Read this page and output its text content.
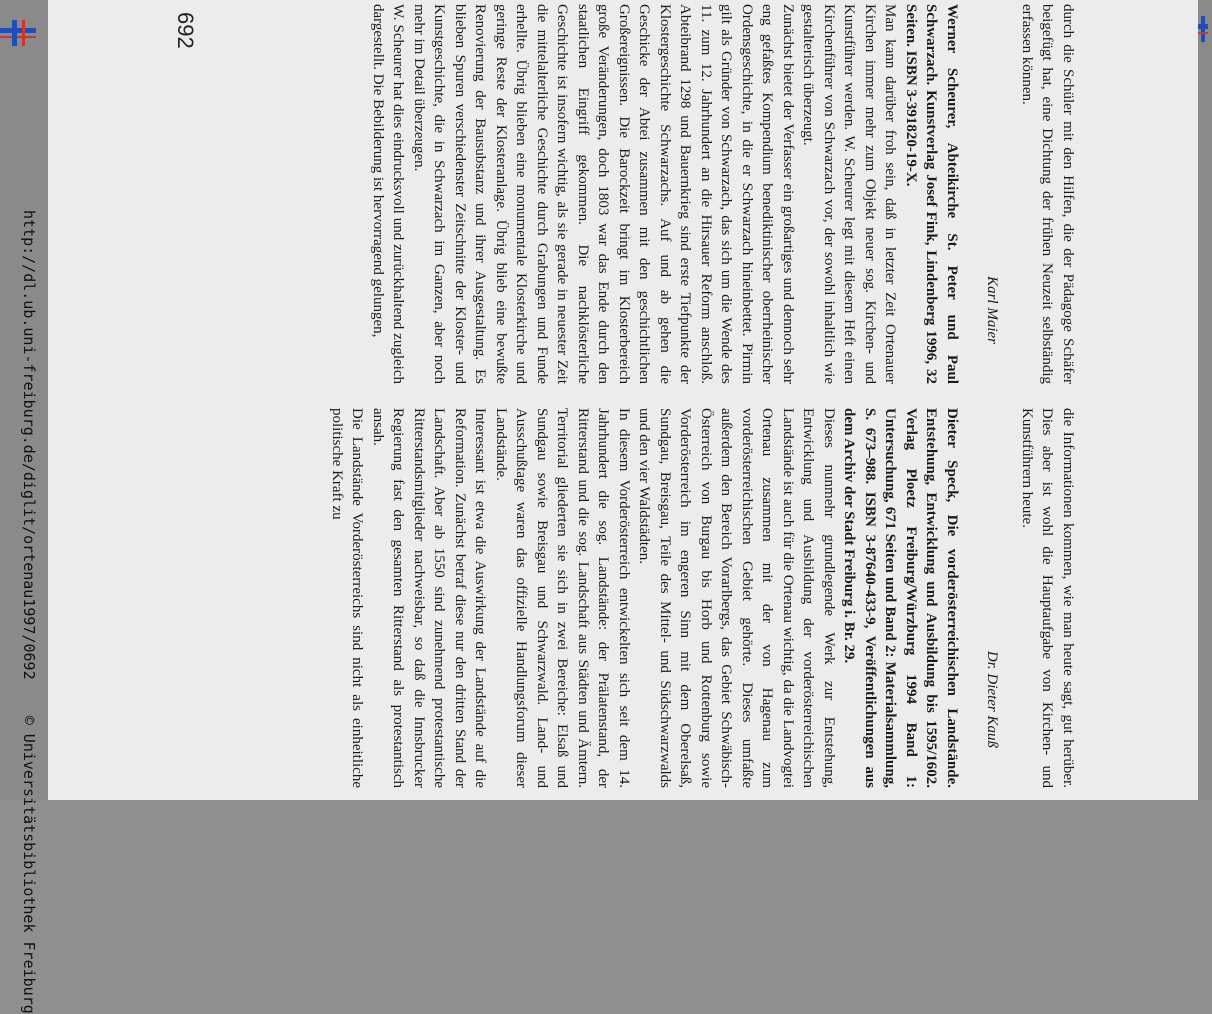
http://dl.ub.uni-freiburg.de/diglit/ortenau1997/0692    © Universitätsbibliothek Freiburg

durch die Schüler mit den Hilfen, die der Pädagoge Schäfer beigefügt hat, eine Dichtung der frühen Neuzeit selbständig erfassen können.

Karl Maier

Werner Scheurer, Abteikirche St. Peter und Paul Schwarzach. Kunstverlag Josef Fink, Lindenberg 1996, 32 Seiten. ISBN 3-391820-19-X.

Man kann darüber froh sein, daß in letzter Zeit Ortenauer Kirchen immer mehr zum Objekt neuer sog. Kirchen- und Kunstführer werden. W. Scheurer legt mit diesem Heft einen Kirchenführer von Schwarzach vor, der sowohl inhaltlich wie gestalterisch überzeugt.

Zunächst bietet der Verfasser ein großartiges und dennoch sehr eng gefaßtes Kompendium benediktinischer oberrheinischer Ordensgeschichte, in die er Schwarzach hineinbettet. Pirmin gilt als Gründer von Schwarzach, das sich um die Wende des 11. zum 12. Jahrhundert an die Hirsauer Reform anschloß. Abteibrand 1298 und Bauernkrieg sind erste Tiefpunkte der Klostergeschichte Schwarzachs. Auf und ab gehen die Geschicke der Abtei zusammen mit den geschichtlichen Großereignissen. Die Barockzeit bringt im Klosterbereich große Veränderungen, doch 1803 war das Ende durch den staatlichen Eingriff gekommen. Die nachklösterliche Geschichte ist insofern wichtig, als sie gerade in neuester Zeit die mittelalterliche Geschichte durch Grabungen und Funde erhellte. Übrig blieben eine monumentale Klosterkirche und geringe Reste der Klosteranlage. Übrig blieb eine bewußte Renovierung der Bausubstanz und ihrer Ausgestaltung. Es blieben Spuren verschiedenster Zeitschnitte der Kloster- und Kunstgeschichte, die in Schwarzach im Ganzen, aber noch mehr im Detail überzeugen.

W. Scheurer hat dies eindrucksvoll und zurückhaltend zugleich dargestellt. Die Bebilderung ist hervorragend gelungen,

die Informationen kommen, wie man heute sagt, gut herüber. Dies aber ist wohl die Hauptaufgabe von Kirchen- und Kunstführern heute.

Dr. Dieter Kauß

Dieter Speck, Die vorderösterreichischen Landstände. Entstehung, Entwicklung und Ausbildung bis 1595/1602. Verlag Ploetz Freiburg/Würzburg 1994 Band 1: Untersuchung, 671 Seiten und Band 2: Materialsammlung, S. 673–988. ISBN 3-87640-433-9, Veröffentlichungen aus dem Archiv der Stadt Freiburg i. Br. 29.

Dieses nunmehr grundlegende Werk zur Entstehung, Entwicklung und Ausbildung der vorderösterreichischen Landstände ist auch für die Ortenau wichtig, da die Landvogtei Ortenau zusammen mit der von Hagenau zum vorderösterreichischen Gebiet gehörte. Dieses umfaßte außerdem den Bereich Vorarlbergs, das Gebiet Schwäbisch-Österreich von Burgau bis Horb und Rottenburg sowie Vorderösterreich im engeren Sinn mit dem Oberelsaß, Sundgau, Breisgau, Teile des Mittel- und Südschwarzwalds und den vier Waldstädten.

In diesem Vorderösterreich entwickelten sich seit dem 14. Jahrhundert die sog. Landstände: der Prälatenstand, der Ritterstand und die sog. Landschaft aus Städten und Ämtern. Territorial gliederten sie sich in zwei Bereiche: Elsaß und Sundgau sowie Breisgau und Schwarzwald. Land- und Ausschußtage waren das offizielle Handlungsforum dieser Landstände.

Interessant ist etwa die Auswirkung der Landstände auf die Reformation. Zunächst betraf diese nur den dritten Stand der Landschaft. Aber ab 1550 sind zunehmend protestantische Ritterstandsmitglieder nachweisbar, so daß die Innsbrucker Regierung fast den gesamten Ritterstand als protestantisch ansah.

Die Landstände Vorderösterreichs sind nicht als einheitliche politische Kraft zu

692
